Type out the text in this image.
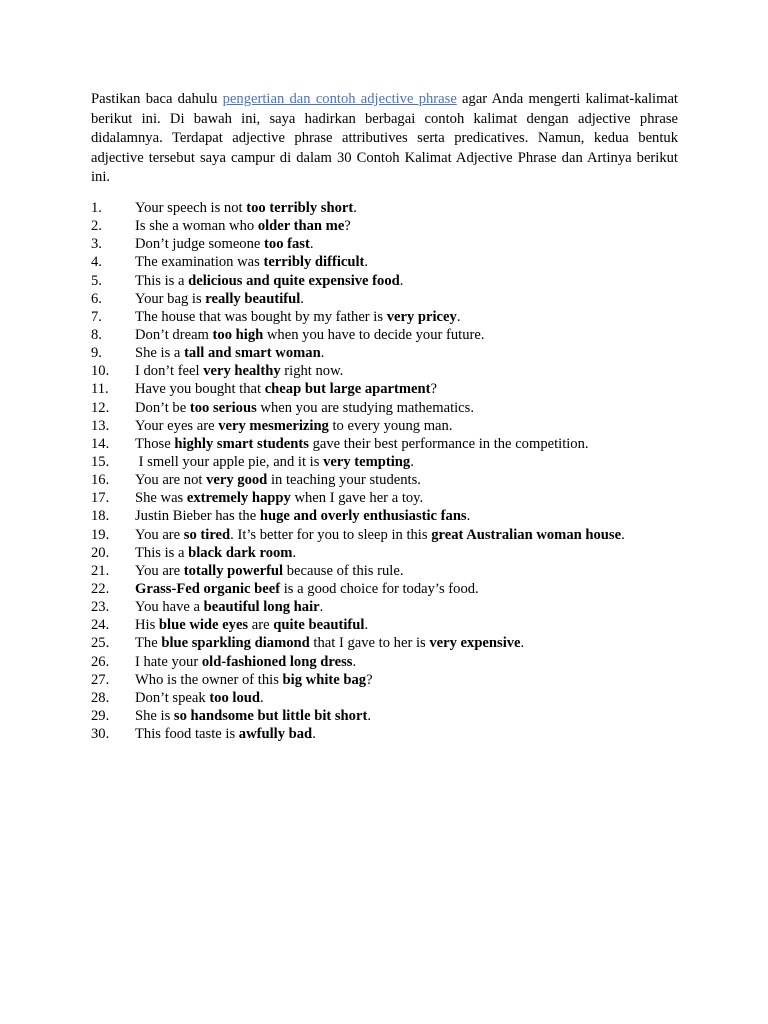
Pastikan baca dahulu pengertian dan contoh adjective phrase agar Anda mengerti kalimat-kalimat berikut ini. Di bawah ini, saya hadirkan berbagai contoh kalimat dengan adjective phrase didalamnya. Terdapat adjective phrase attributives serta predicatives. Namun, kedua bentuk adjective tersebut saya campur di dalam 30 Contoh Kalimat Adjective Phrase dan Artinya berikut ini.

1.	Your speech is not too terribly short.
2.	Is she a woman who older than me?
3.	Don’t judge someone too fast.
4.	The examination was terribly difficult.
5.	This is a delicious and quite expensive food.
6.	Your bag is really beautiful.
7.	The house that was bought by my father is very pricey.
8.	Don’t dream too high when you have to decide your future.
9.	She is a tall and smart woman.
10.	I don’t feel very healthy right now.
11.	Have you bought that cheap but large apartment?
12.	Don’t be too serious when you are studying mathematics.
13.	Your eyes are very mesmerizing to every young man.
14.	Those highly smart students gave their best performance in the competition.
15.	I smell your apple pie, and it is very tempting.
16.	You are not very good in teaching your students.
17.	She was extremely happy when I gave her a toy.
18.	Justin Bieber has the huge and overly enthusiastic fans.
19.	You are so tired. It’s better for you to sleep in this great Australian woman house.
20.	This is a black dark room.
21.	You are totally powerful because of this rule.
22.	Grass-Fed organic beef is a good choice for today’s food.
23.	You have a beautiful long hair.
24.	His blue wide eyes are quite beautiful.
25.	The blue sparkling diamond that I gave to her is very expensive.
26.	I hate your old-fashioned long dress.
27.	Who is the owner of this big white bag?
28.	Don’t speak too loud.
29.	She is so handsome but little bit short.
30.	This food taste is awfully bad.
